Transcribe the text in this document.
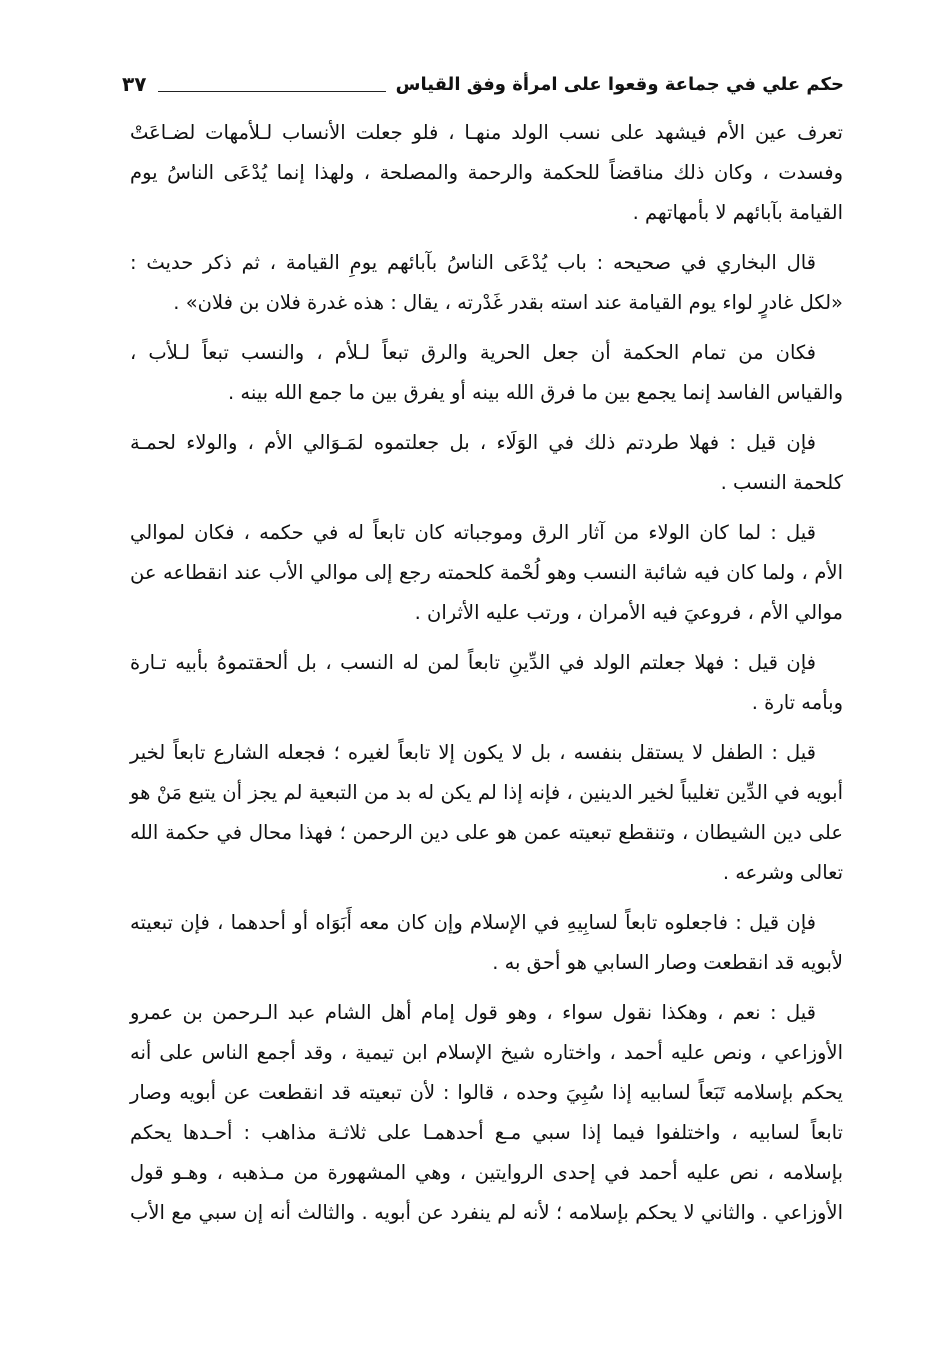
حكم علي في جماعة وقعوا على امرأة وفق القياس
٣٧
تعرف عين الأم فيشهد على نسب الولد منهـا ، فلو جعلت الأنساب لـلأمهات لضـاعَتْ
وفسدت ، وكان ذلك مناقضاً للحكمة والرحمة والمصلحة ، ولهذا إنما يُدْعَى الناسُ يوم
القيامة بآبائهم لا بأمهاتهم .
قال البخاري في صحيحه : باب يُدْعَى الناسُ بآبائهم يومِ القيامة ، ثم ذكر حديث :
«لكل غادرٍ لواء يوم القيامة عند استه بقدر غَدْرته ، يقال : هذه غدرة فلان بن فلان» .
فكان من تمام الحكمة أن جعل الحرية والرق تبعاً لـلأم ، والنسب تبعاً لـلأب ،
والقياس الفاسد إنما يجمع بين ما فرق الله بينه أو يفرق بين ما جمع الله بينه .
فإن قيل : فهلا طردتم ذلك في الوَلَاء ، بل جعلتموه لمَـوَالي الأم ، والولاء لحمـة
كلحمة النسب .
قيل : لما كان الولاء من آثار الرق وموجباته كان تابعاً له في حكمه ، فكان لموالي
الأم ، ولما كان فيه شائبة النسب وهو لُحْمة كلحمته رجع إلى موالي الأب عند انقطاعه عن
موالي الأم ، فروعيَ فيه الأمران ، ورتب عليه الأثران .
فإن قيل : فهلا جعلتم الولد في الدِّينِ تابعاً لمن له النسب ، بل ألحقتموهُ بأبيه تـارة
وبأمه تارة .
قيل : الطفل لا يستقل بنفسه ، بل لا يكون إلا تابعاً لغيره ؛ فجعله الشارع تابعاً لخير
أبويه في الدِّين تغليباً لخير الدينين ، فإنه إذا لم يكن له بد من التبعية لم يجز أن يتبع مَنْ هو
على دين الشيطان ، وتنقطع تبعيته عمن هو على دين الرحمن ؛ فهذا محال في حكمة الله
تعالى وشرعه .
فإن قيل : فاجعلوه تابعاً لسابِيهِ في الإسلام وإن كان معه أَبَوَاه أو أحدهما ، فإن تبعيته
لأبويه قد انقطعت وصار السابي هو أحق به .
قيل : نعم ، وهكذا نقول سواء ، وهو قول إمام أهل الشام عبد الـرحمن بن عمرو
الأوزاعي ، ونص عليه أحمد ، واختاره شيخ الإسلام ابن تيمية ، وقد أجمع الناس على أنه
يحكم بإسلامه تَبَعاً لسابيه إذا سُبِيَ وحده ، قالوا : لأن تبعيته قد انقطعت عن أبويه وصار
تابعاً لسابيه ، واختلفوا فيما إذا سبي مـع أحدهمـا على ثلاثـة مذاهب : أحـدها يحكم
بإسلامه ، نص عليه أحمد في إحدى الروايتين ، وهي المشهورة من مـذهبه ، وهـو قول
الأوزاعي . والثاني لا يحكم بإسلامه ؛ لأنه لم ينفرد عن أبويه . والثالث أنه إن سبي مع الأب
